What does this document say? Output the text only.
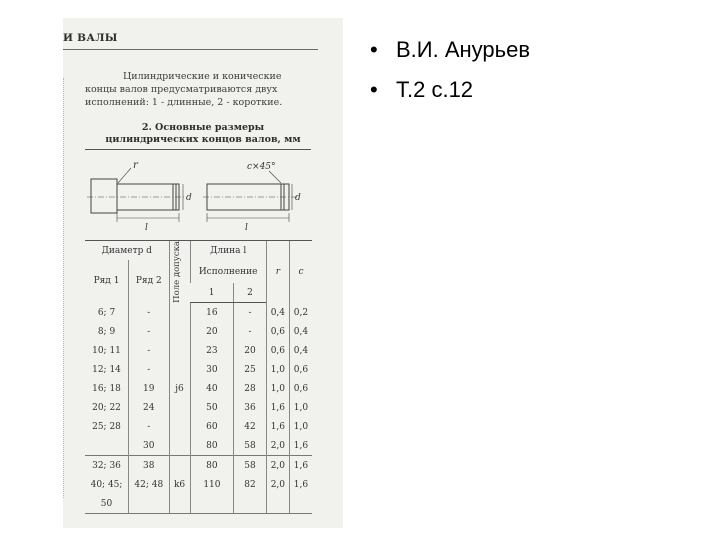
И ВАЛЫ
Цилиндрические и конические концы валов предусматриваются двух исполнений: 1 - длинные, 2 - короткие.
2. Основные размеры
цилиндрических концов валов, мм
r
d
l
c×45°
d
l
Диаметр d		Поле допуска	Длина l		r	c
Ряд 1	Ряд 2		Исполнение			
			1	2		
6; 7	-		16	-	0,4	0,2
8; 9	-		20	-	0,6	0,4
10; 11	-		23	20	0,6	0,4
12; 14	-		30	25	1,0	0,6
16; 18	19	j6	40	28	1,0	0,6
20; 22	24		50	36	1,6	1,0
25; 28	-		60	42	1,6	1,0
	30		80	58	2,0	1,6
32; 36	38		80	58	2,0	1,6
40; 45;	42; 48	k6	110	82	2,0	1,6
50						
• В.И. Анурьев
• Т.2 с.12
